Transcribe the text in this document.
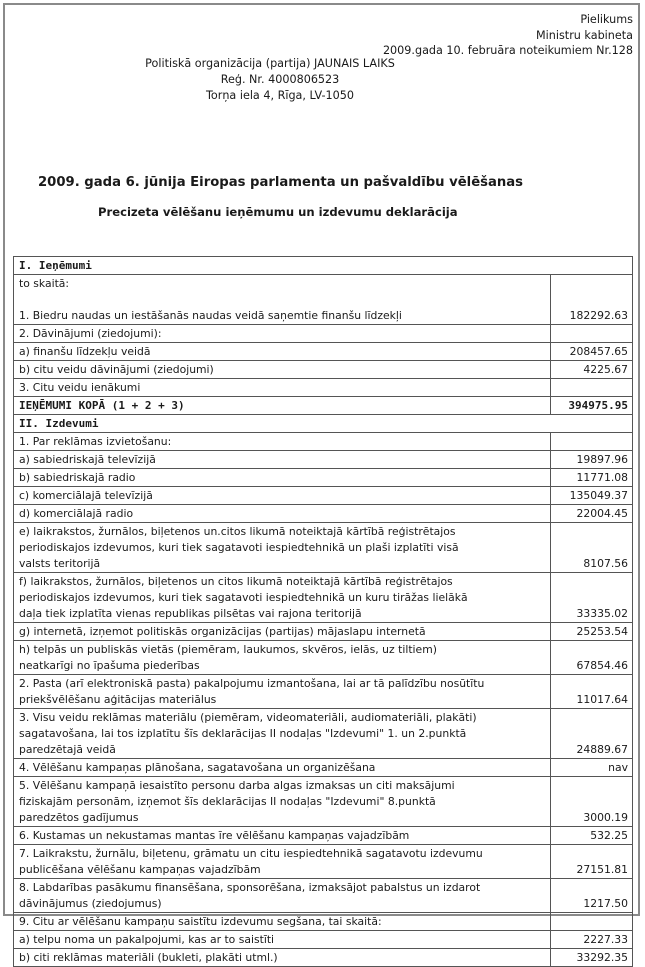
Pielikums
Ministru kabineta
2009.gada 10. februāra noteikumiem Nr.128
Politiskā organizācija (partija) JAUNAIS LAIKS
Reģ. Nr. 4000806523
Torņa iela 4, Rīga, LV-1050
2009. gada 6. jūnija Eiropas parlamenta un pašvaldību vēlēšanas
Precizeta vēlēšanu ieņēmumu un izdevumu deklarācija
I. Ieņēmumi	
to skaitā:

1. Biedru naudas un iestāšanās naudas veidā saņemtie finanšu līdzekļi	182292.63
2. Dāvinājumi (ziedojumi):	
a) finanšu līdzekļu veidā	208457.65
b) citu veidu dāvinājumi (ziedojumi)	4225.67
3. Citu veidu ienākumi	
IEŅĒMUMI KOPĀ (1 + 2 + 3)	394975.95
II. Izdevumi	
1. Par reklāmas izvietošanu:	
a) sabiedriskajā televīzijā	19897.96
b) sabiedriskajā radio	11771.08
c) komerciālajā televīzijā	135049.37
d) komerciālajā radio	22004.45
e) laikrakstos, žurnālos, biļetenos un.citos likumā noteiktajā kārtībā reģistrētajos
periodiskajos izdevumos, kuri tiek sagatavoti iespiedtehnikā un plaši izplatīti visā
valsts teritorijā	8107.56
f) laikrakstos, žurnālos, biļetenos un citos likumā noteiktajā kārtībā reģistrētajos
periodiskajos izdevumos, kuri tiek sagatavoti iespiedtehnikā un kuru tirāžas lielākā
daļa tiek izplatīta vienas republikas pilsētas vai rajona teritorijā	33335.02
g) internetā, izņemot politiskās organizācijas (partijas) mājaslapu internetā	25253.54
h) telpās un publiskās vietās (piemēram, laukumos, skvēros, ielās, uz tiltiem)
neatkarīgi no īpašuma piederības	67854.46
2. Pasta (arī elektroniskā pasta) pakalpojumu izmantošana, lai ar tā palīdzību nosūtītu
priekšvēlēšanu aģitācijas materiālus	11017.64
3. Visu veidu reklāmas materiālu (piemēram, videomateriāli, audiomateriāli, plakāti)
sagatavošana, lai tos izplatītu šīs deklarācijas II nodaļas "Izdevumi" 1. un 2.punktā
paredzētajā veidā	24889.67
4. Vēlēšanu kampaņas plānošana, sagatavošana un organizēšana	nav
5. Vēlēšanu kampaņā iesaistīto personu darba algas izmaksas un citi maksājumi
fiziskajām personām, izņemot šīs deklarācijas II nodaļas "Izdevumi" 8.punktā
paredzētos gadījumus	3000.19
6. Kustamas un nekustamas mantas īre vēlēšanu kampaņas vajadzībām	532.25
7. Laikrakstu, žurnālu, biļetenu, grāmatu un citu iespiedtehnikā sagatavotu izdevumu
publicēšana vēlēšanu kampaņas vajadzībām	27151.81
8. Labdarības pasākumu finansēšana, sponsorēšana, izmaksājot pabalstus un izdarot
dāvinājumus (ziedojumus)	1217.50
9. Citu ar vēlēšanu kampaņu saistītu izdevumu segšana, tai skaitā:	
a) telpu noma un pakalpojumi, kas ar to saistīti	2227.33
b) citi reklāmas materiāli (bukleti, plakāti utml.)	33292.35
